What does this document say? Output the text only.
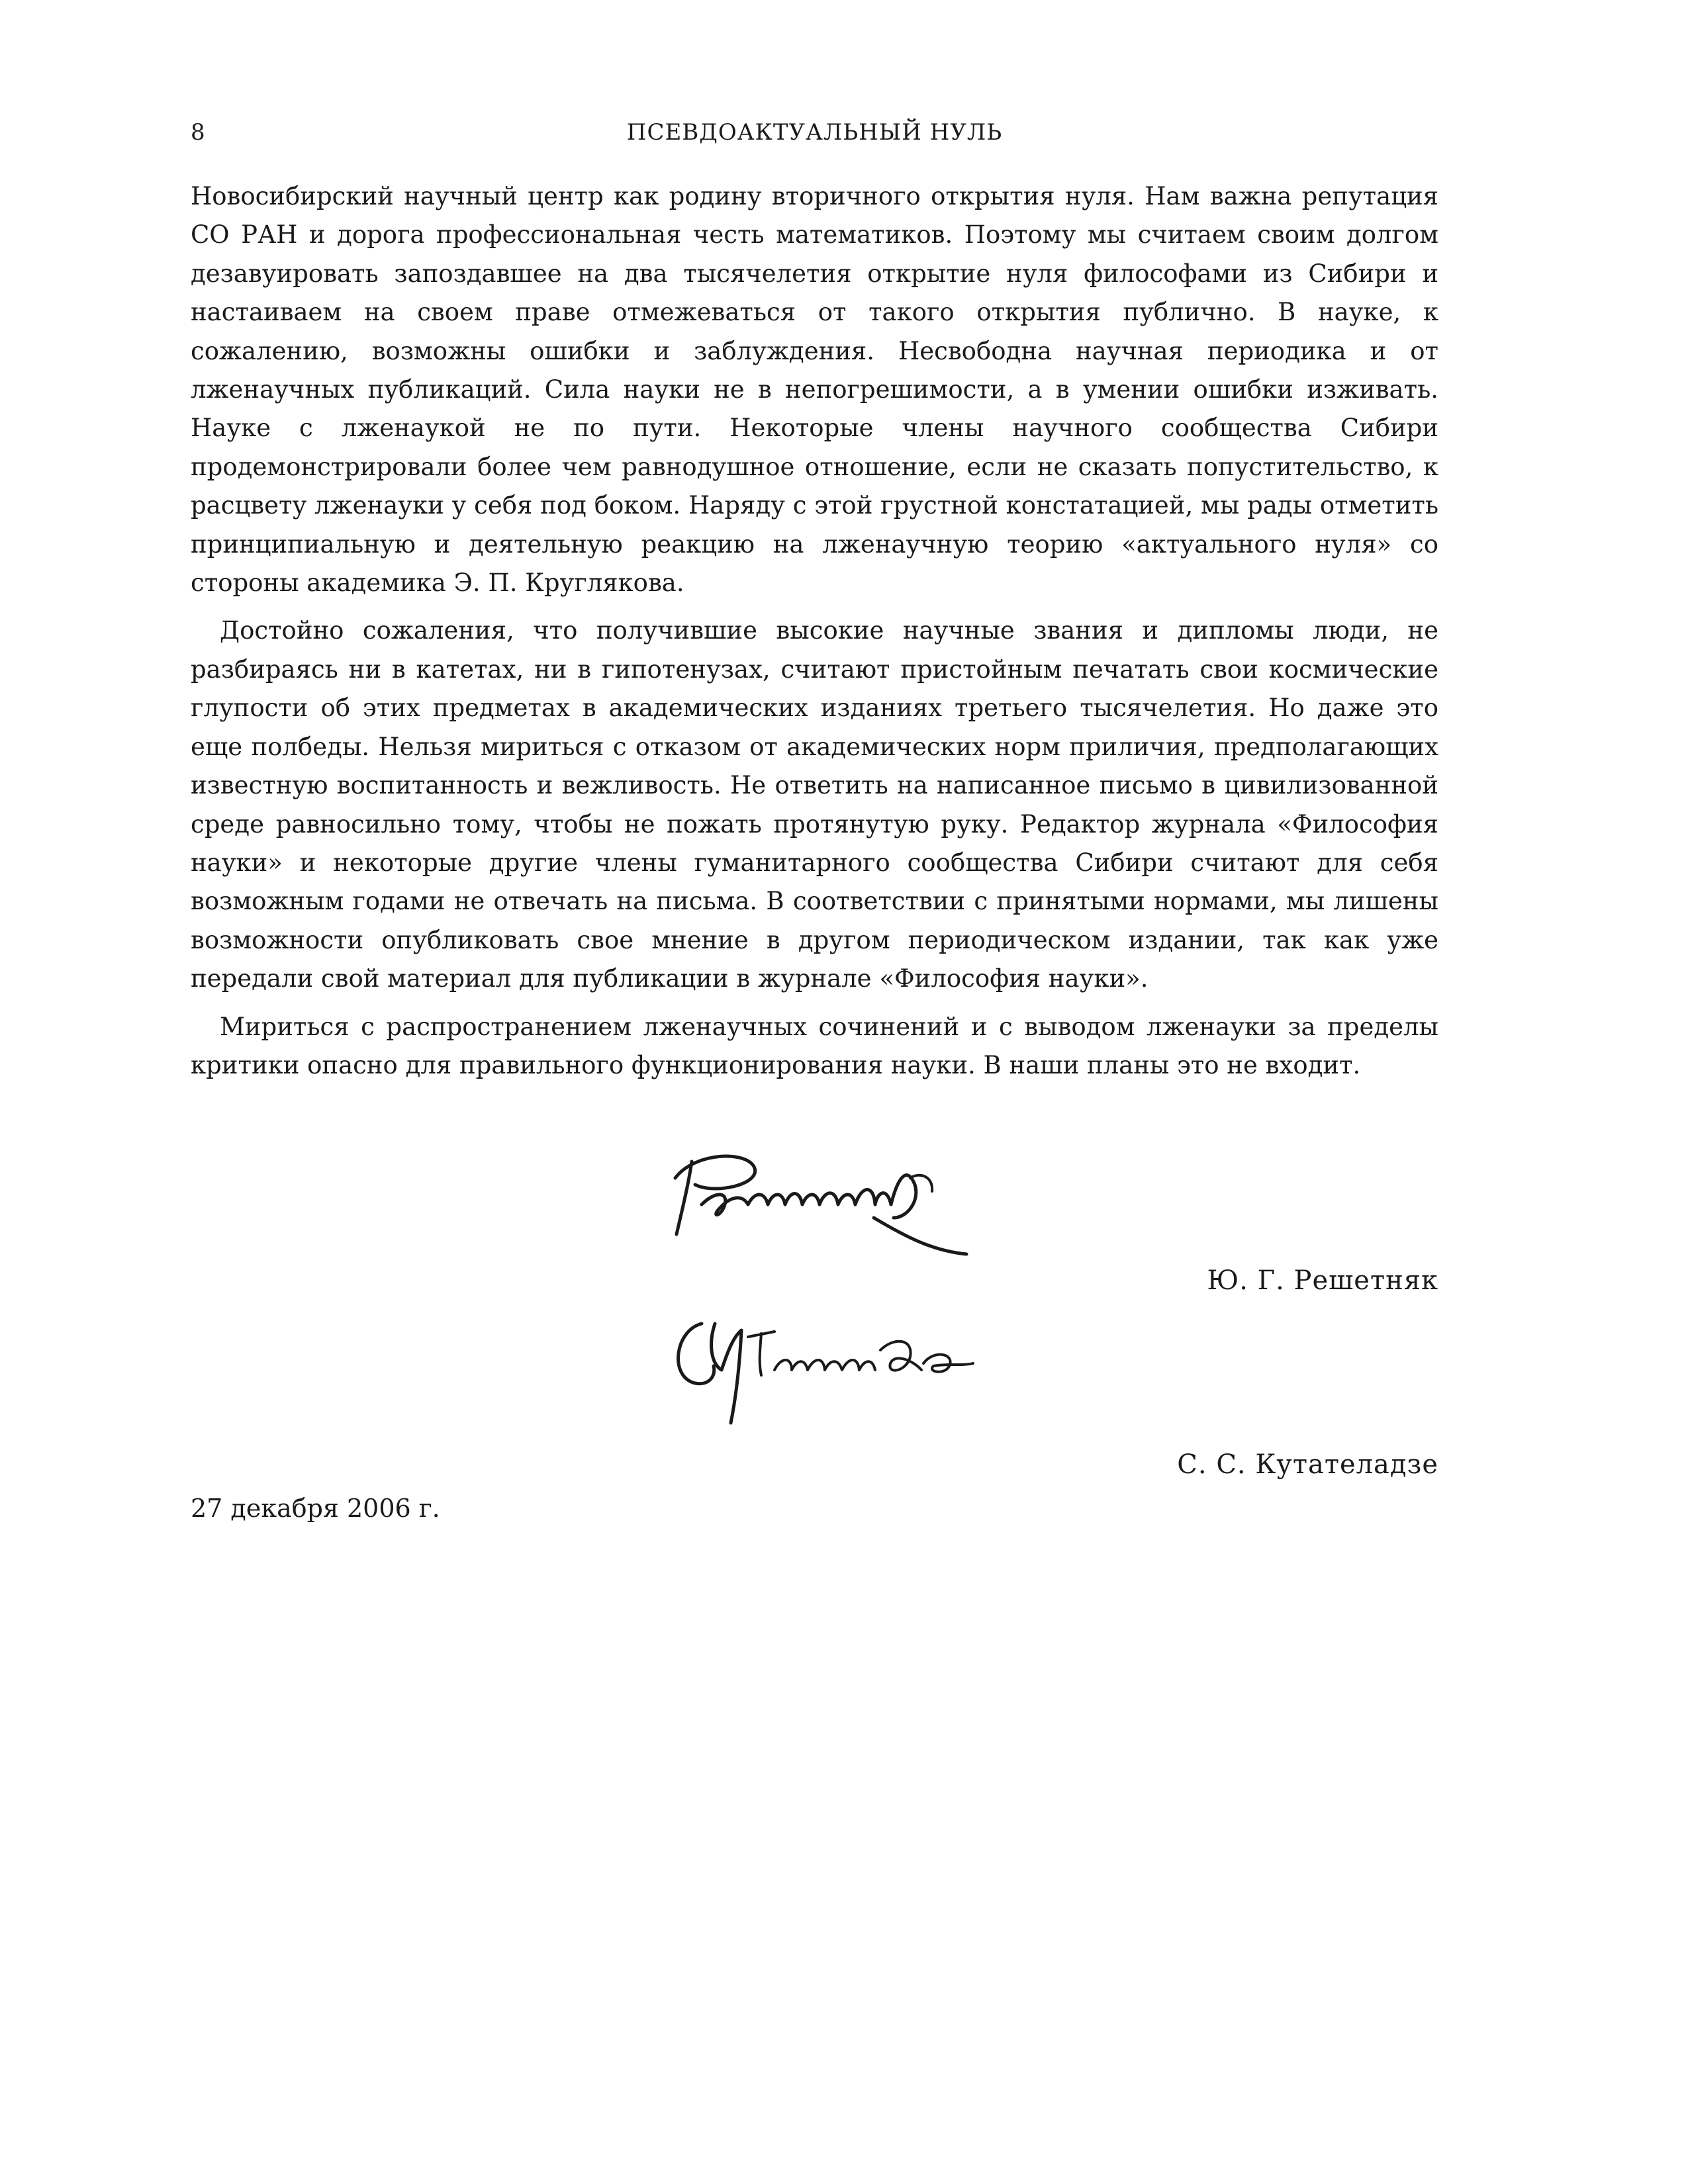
8	ПСЕВДОАКТУАЛЬНЫЙ НУЛЬ

Новосибирский научный центр как родину вторичного открытия нуля. Нам важна репутация СО РАН и дорога профессиональная честь математиков. Поэтому мы считаем своим долгом дезавуировать запоздавшее на два тысячелетия открытие нуля философами из Сибири и настаиваем на своем праве отмежеваться от такого открытия публично. В науке, к сожалению, возможны ошибки и заблуждения. Несвободна научная периодика и от лженаучных публикаций. Сила науки не в непогрешимости, а в умении ошибки изживать. Науке с лженаукой не по пути. Некоторые члены научного сообщества Сибири продемонстрировали более чем равнодушное отношение, если не сказать попустительство, к расцвету лженауки у себя под боком. Наряду с этой грустной констатацией, мы рады отметить принципиальную и деятельную реакцию на лженаучную теорию «актуального нуля» со стороны академика Э. П. Круглякова.

Достойно сожаления, что получившие высокие научные звания и дипломы люди, не разбираясь ни в катетах, ни в гипотенузах, считают пристойным печатать свои космические глупости об этих предметах в академических изданиях третьего тысячелетия. Но даже это еще полбеды. Нельзя мириться с отказом от академических норм приличия, предполагающих известную воспитанность и вежливость. Не ответить на написанное письмо в цивилизованной среде равносильно тому, чтобы не пожать протянутую руку. Редактор журнала «Философия науки» и некоторые другие члены гуманитарного сообщества Сибири считают для себя возможным годами не отвечать на письма. В соответствии с принятыми нормами, мы лишены возможности опубликовать свое мнение в другом периодическом издании, так как уже передали свой материал для публикации в журнале «Философия науки».

Мириться с распространением лженаучных сочинений и с выводом лженауки за пределы критики опасно для правильного функционирования науки. В наши планы это не входит.

Ю. Г. Решетняк
С. С. Кутателадзе
27 декабря 2006 г.
